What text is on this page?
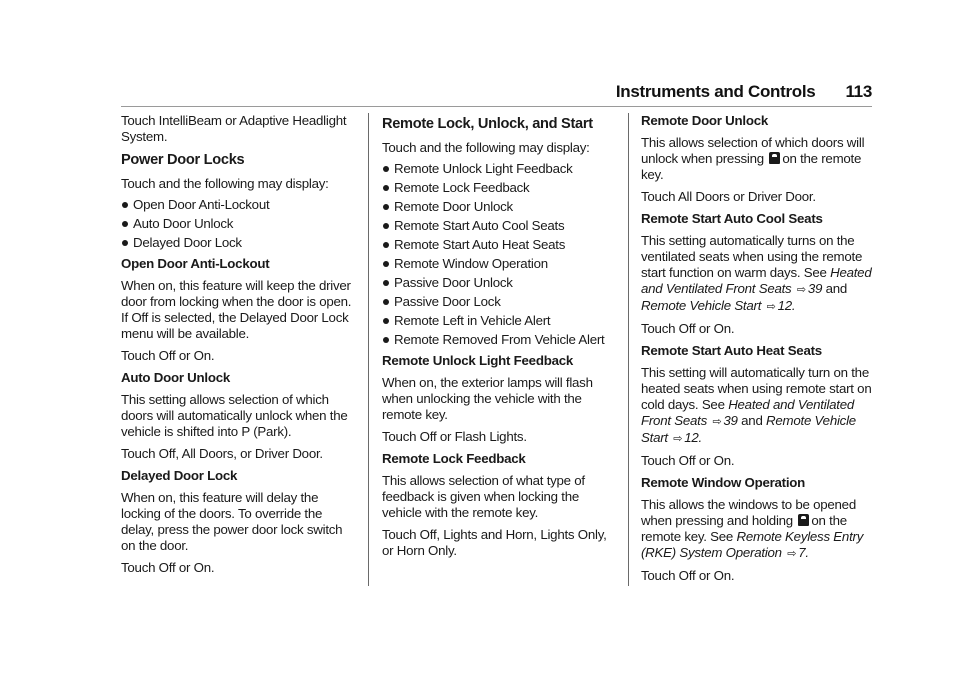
Instruments and Controls 113

Touch IntelliBeam or Adaptive Headlight System.

Power Door Locks

Touch and the following may display:

Open Door Anti-Lockout
Auto Door Unlock
Delayed Door Lock
Open Door Anti-Lockout

When on, this feature will keep the driver door from locking when the door is open. If Off is selected, the Delayed Door Lock menu will be available.

Touch Off or On.

Auto Door Unlock

This setting allows selection of which doors will automatically unlock when the vehicle is shifted into P (Park).

Touch Off, All Doors, or Driver Door.

Delayed Door Lock

When on, this feature will delay the locking of the doors. To override the delay, press the power door lock switch on the door.

Touch Off or On.

Remote Lock, Unlock, and Start

Touch and the following may display:

Remote Unlock Light Feedback
Remote Lock Feedback
Remote Door Unlock
Remote Start Auto Cool Seats
Remote Start Auto Heat Seats
Remote Window Operation
Passive Door Unlock
Passive Door Lock
Remote Left in Vehicle Alert
Remote Removed From Vehicle Alert
Remote Unlock Light Feedback

When on, the exterior lamps will flash when unlocking the vehicle with the remote key.

Touch Off or Flash Lights.

Remote Lock Feedback

This allows selection of what type of feedback is given when locking the vehicle with the remote key.

Touch Off, Lights and Horn, Lights Only, or Horn Only.

Remote Door Unlock

This allows selection of which doors will unlock when pressing on the remote key.

Touch All Doors or Driver Door.

Remote Start Auto Cool Seats

This setting automatically turns on the ventilated seats when using the remote start function on warm days. See Heated and Ventilated Front Seats ⇨ 39 and Remote Vehicle Start ⇨ 12.

Touch Off or On.

Remote Start Auto Heat Seats

This setting will automatically turn on the heated seats when using remote start on cold days. See Heated and Ventilated Front Seats ⇨ 39 and Remote Vehicle Start ⇨ 12.

Touch Off or On.

Remote Window Operation

This allows the windows to be opened when pressing and holding on the remote key. See Remote Keyless Entry (RKE) System Operation ⇨ 7.

Touch Off or On.
